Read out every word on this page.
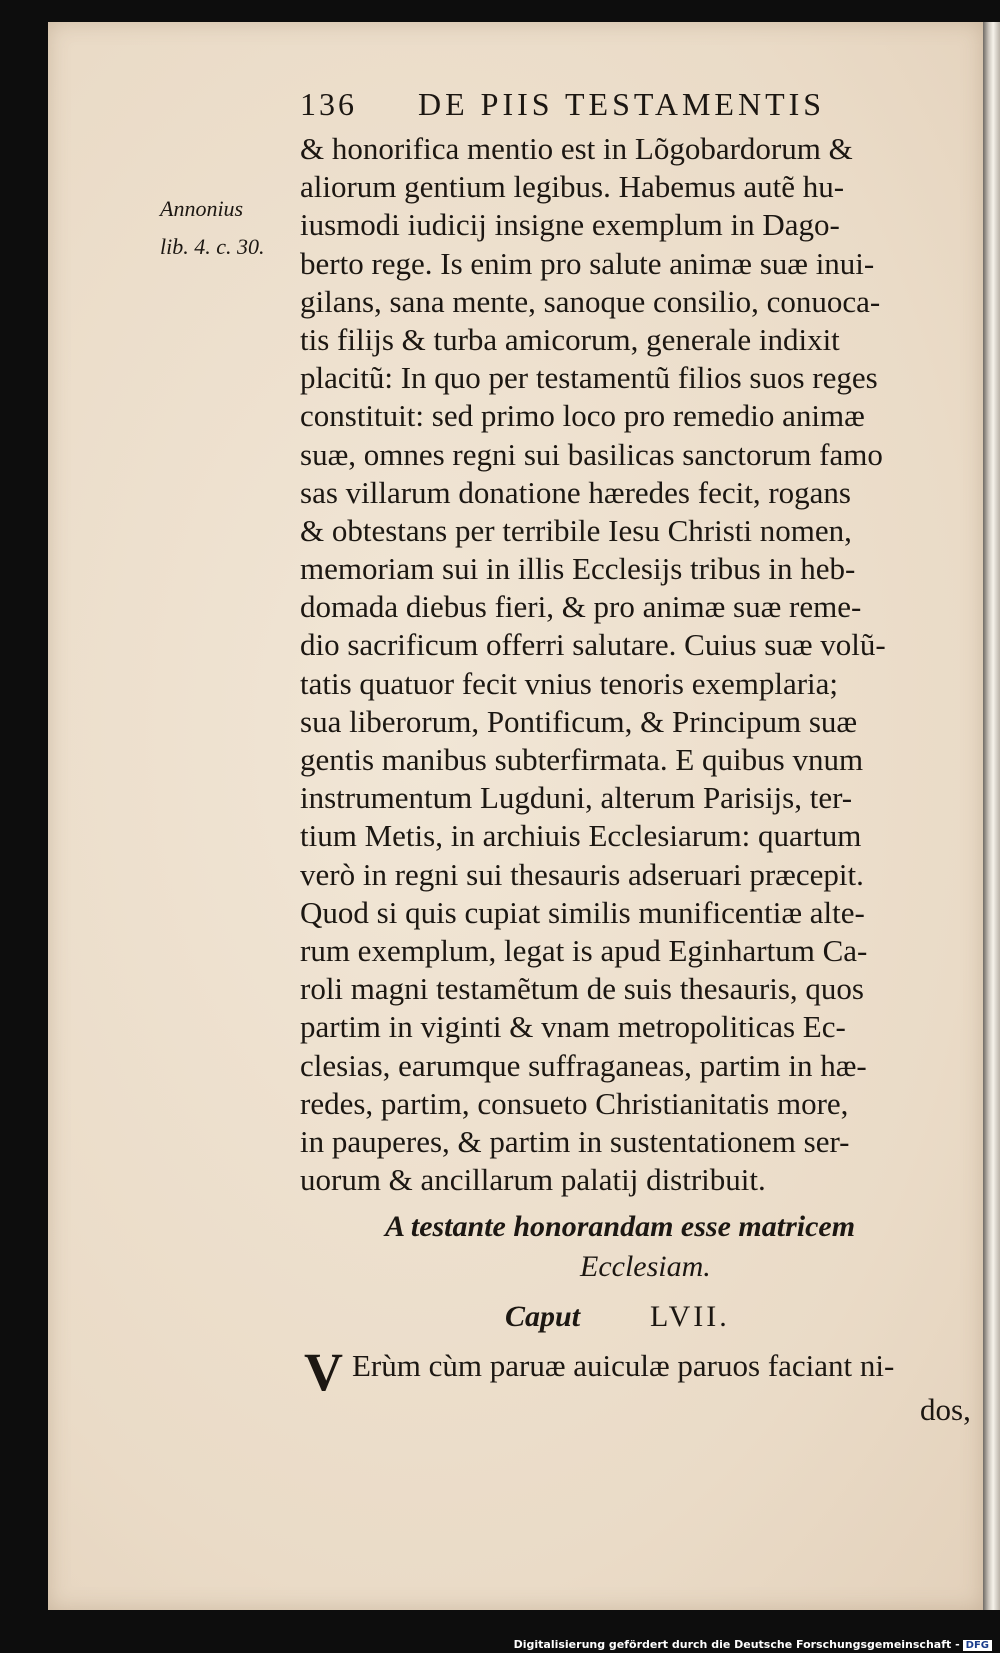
136 DE PIIS TESTAMENTIS
Annonius
lib. 4. c. 30.
& honorifica mentio est in Lõgobardorum &
aliorum gentium legibus. Habemus autẽ hu-
iusmodi iudicij insigne exemplum in Dago-
berto rege. Is enim pro salute animæ suæ inui-
gilans, sana mente, sanoque consilio, conuoca-
tis filijs & turba amicorum, generale indixit
placitũ: In quo per testamentũ filios suos reges
constituit: sed primo loco pro remedio animæ
suæ, omnes regni sui basilicas sanctorum famo
sas villarum donatione hæredes fecit, rogans
& obtestans per terribile Iesu Christi nomen,
memoriam sui in illis Ecclesijs tribus in heb-
domada diebus fieri, & pro animæ suæ reme-
dio sacrificum offerri salutare. Cuius suæ volũ-
tatis quatuor fecit vnius tenoris exemplaria;
sua liberorum, Pontificum, & Principum suæ
gentis manibus subterfirmata. E quibus vnum
instrumentum Lugduni, alterum Parisijs, ter-
tium Metis, in archiuis Ecclesiarum: quartum
verò in regni sui thesauris adseruari præcepit.
Quod si quis cupiat similis munificentiæ alte-
rum exemplum, legat is apud Eginhartum Ca-
roli magni testamẽtum de suis thesauris, quos
partim in viginti & vnam metropoliticas Ec-
clesias, earumque suffraganeas, partim in hæ-
redes, partim, consueto Christianitatis more,
in pauperes, & partim in sustentationem ser-
uorum & ancillarum palatij distribuit.
A testante honorandam esse matricem
Ecclesiam.
Caput LVII.
V Erùm cùm paruæ auiculæ paruos faciant ni-
dos,
Digitalisierung gefördert durch die Deutsche Forschungsgemeinschaft - DFG
